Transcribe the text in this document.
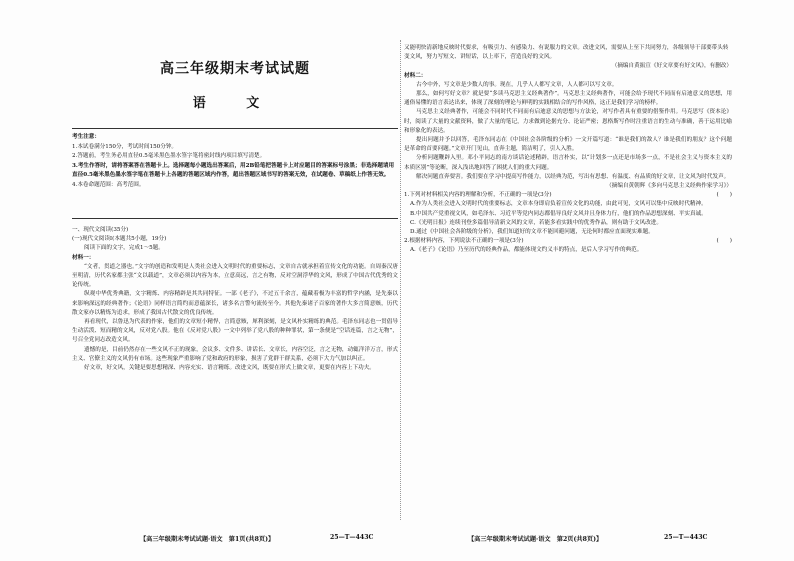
高三年级期末考试试题
语 文
考生注意：
1.本试卷满分150分，考试时间150分钟。
2.答题前，考生务必用直径0.5毫米黑色墨水签字笔将密封线内项目填写清楚。
3.考生作答时，请将答案答在答题卡上。选择题每小题选出答案后，用2B铅笔把答题卡上对应题目的答案标号涂黑；非选择题请用直径0.5毫米黑色墨水签字笔在答题卡上各题的答题区域内作答，超出答题区域书写的答案无效，在试题卷、草稿纸上作答无效。
4.本卷命题范围：高考范围。

一、现代文阅读(35分)

(一)现代文阅读Ⅰ(本题共5小题，19分)

阅读下面的文字，完成1～5题。

材料一：

“文者，贯道之器也。”文字的创造和发明是人类社会进入文明时代的重要标志，文章自古就承担着宣传文化的功能。自周秦汉唐至明清，历代名家都主张“文以载道”，文章必须以内容为本，立意高远，言之有物，反对空洞浮华的文风，形成了中国古代优秀的文论传统。

纵观中华优秀典籍，文字精炼、内容精辟是其共同特征。一部《老子》，不过五千余言，蕴藏着极为丰富的哲学内涵，是先秦以来影响深远的经典著作；《论语》同样语言简约而意蕴深长，诸多名言警句流传至今。其他先秦诸子百家的著作大多言简意赅，历代散文家亦以精炼为追求，形成了我国古代散文的优良传统。

再看现代，以鲁迅为代表的作家，他们的文章短小精悍，言简意赅，犀利深刻，是文风朴实精练的典范。毛泽东同志也一贯倡导生动活泼、短而精的文风，反对党八股。他在《反对党八股》一文中列举了党八股的种种罪状，第一条便是“空话连篇，言之无物”，号召全党同志改造文风。

遗憾的是，目前仍然存在一些文风不正的现象，会议多、文件多、讲话长、文章长，内容空泛，言之无物，动辄洋洋万言，形式主义、官僚主义的文风仍有市场。这些现象严重影响了党和政府的形象，损害了党群干群关系，必须下大力气加以纠正。

好文章，好文风，关键是要思想精深、内容充实、语言精练。改进文风，既要在形式上做文章，更要在内容上下功夫。

又能明快清新地反映时代要求，有吸引力、有感染力、有说服力的文章。改进文风，需要从上至下共同努力，各级领导干部要带头转变文风，努力写短文、讲短话，以上率下，营造良好的文风。

（摘编自黄振宣《好文章要有好文风》，有删改）

材料二：

古今中外，写文章是少数人的事。现在，几乎人人都写文章，人人都可以写文章。

那么，如何写好文章？就是要“多读马克思主义经典著作”。马克思主义经典著作，可能会给予现代不同而有启迪意义的思想，用通俗易懂的语言表达出来，体现了深刻的理论与鲜明的实践相结合的写作风格，这正是我们学习的榜样。

马克思主义经典著作，可能会不同时代不同而有启迪意义的思想与方法论，对写作者具有重要的借鉴作用。马克思写《资本论》时，阅读了大量的文献资料，做了大量的笔记，力求做到论据充分、论证严密；恩格斯写作时注重语言的生动与准确，善于运用比喻和形象化的表达。

提出问题并予以回答，毛泽东同志在《中国社会各阶级的分析》一文开篇写道：“谁是我们的敌人？谁是我们的朋友？这个问题是革命的首要问题。”文章开门见山，直奔主题，简洁明了，引人入胜。

分析问题鞭辟入里。邓小平同志的南方谈话论述精辟，语言朴实，以“计划多一点还是市场多一点，不是社会主义与资本主义的本质区别”等论断，深入浅出地回答了困扰人们的重大问题。

解决问题直奔要害。我们要在学习中提高写作能力，以经典为范，写出有思想、有温度、有品质的好文章，让文风为时代发声。

（摘编自黄朝辉《多向马克思主义经典作家学习》）

1.下列对材料相关内容的理解和分析，不正确的一项是(3分)	(　　)

A.作为人类社会进入文明时代的重要标志，文章本身即肩负着宣传文化的功能，由此可见，文风可以集中反映时代精神。

B.中国共产党重视文风，如毛泽东、习近平等党内同志都倡导良好文风并且身体力行，他们的作品思想深刻、平实真诚。

C.《光明日报》连续刊登多篇倡导清新文风的文章，若能多看实践中的优秀作品，则有助于文风改进。

D.通过《中国社会各阶级的分析》，我们知道好的文章不能回避问题，无论何时都应直面现实难题。

2.根据材料内容，下列说法不正确的一项是(3分)	(　　)

A.《老子》《论语》乃至历代的经典作品，都能体现文约义丰的特点，是后人学习写作的典范。

【高三年级期末考试试题·语文　第1页(共8页)】	25—T—443C	【高三年级期末考试试题·语文　第2页(共8页)】	25—T—443C
